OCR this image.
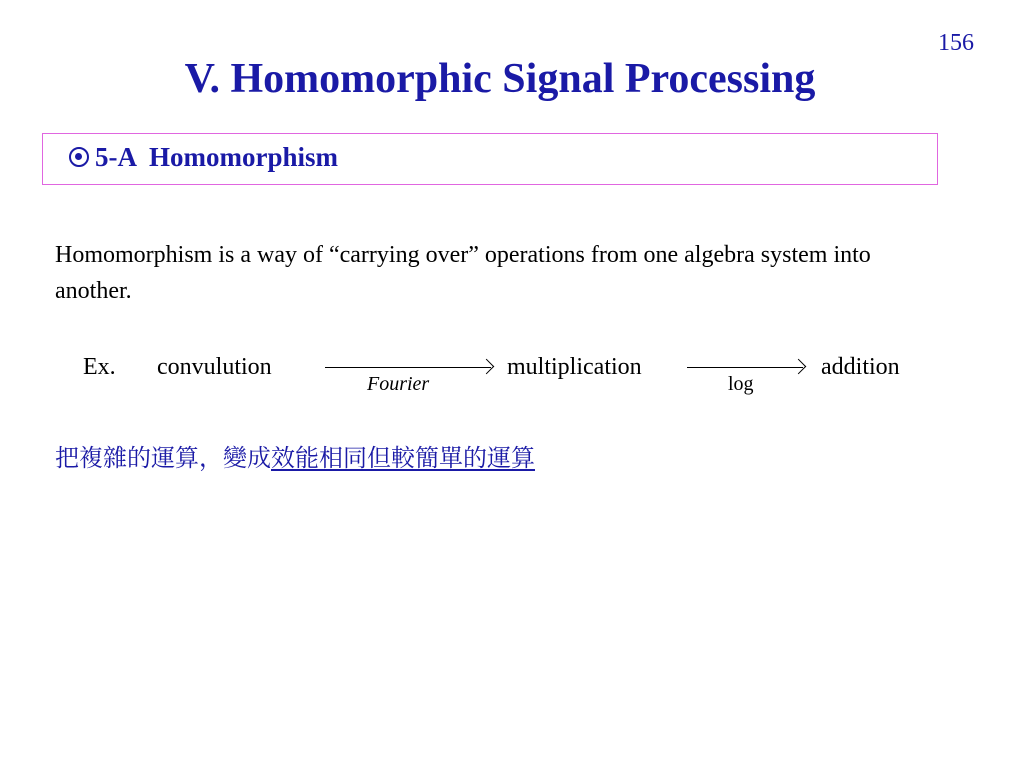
156
V. Homomorphic Signal Processing
5-A  Homomorphism

Homomorphism is a way of “carrying over” operations from one algebra system into another.

Ex. convulution
Fourier
multiplication
log
addition
把複雜的運算，變成效能相同但較簡單的運算
